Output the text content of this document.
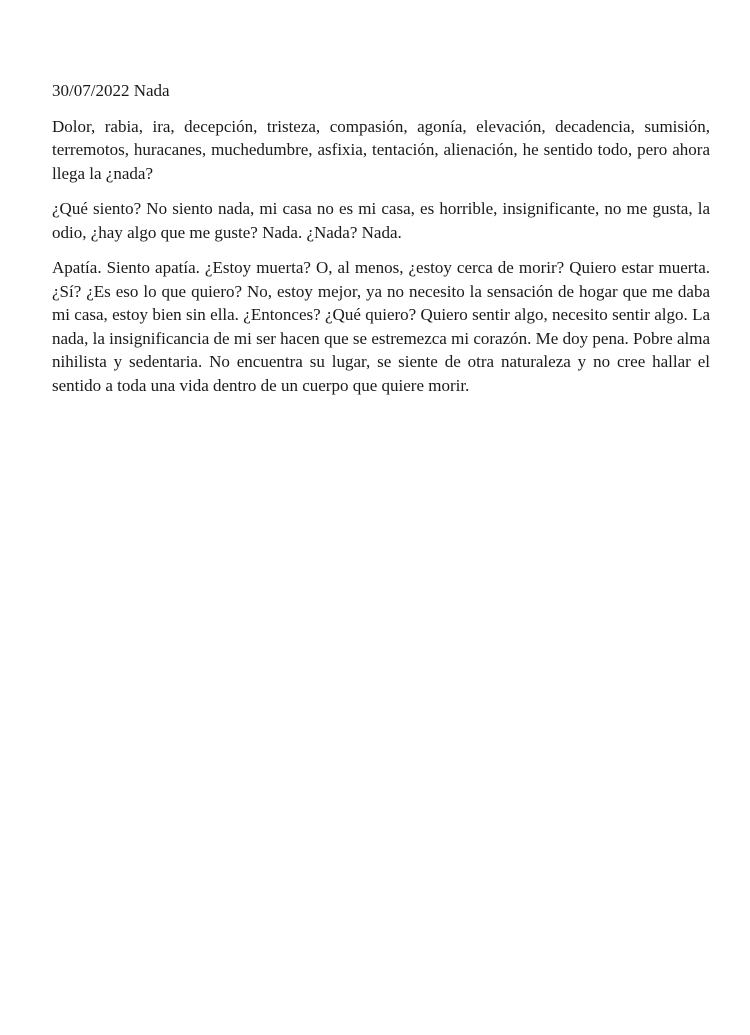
30/07/2022 Nada

Dolor, rabia, ira, decepción, tristeza, compasión, agonía, elevación, decadencia, sumisión, terremotos, huracanes, muchedumbre, asfixia, tentación, alienación, he sentido todo, pero ahora llega la ¿nada?

¿Qué siento? No siento nada, mi casa no es mi casa, es horrible, insignificante, no me gusta, la odio, ¿hay algo que me guste? Nada. ¿Nada? Nada.

Apatía. Siento apatía. ¿Estoy muerta? O, al menos, ¿estoy cerca de morir? Quiero estar muerta. ¿Sí? ¿Es eso lo que quiero? No, estoy mejor, ya no necesito la sensación de hogar que me daba mi casa, estoy bien sin ella. ¿Entonces? ¿Qué quiero? Quiero sentir algo, necesito sentir algo. La nada, la insignificancia de mi ser hacen que se estremezca mi corazón. Me doy pena. Pobre alma nihilista y sedentaria. No encuentra su lugar, se siente de otra naturaleza y no cree hallar el sentido a toda una vida dentro de un cuerpo que quiere morir.
